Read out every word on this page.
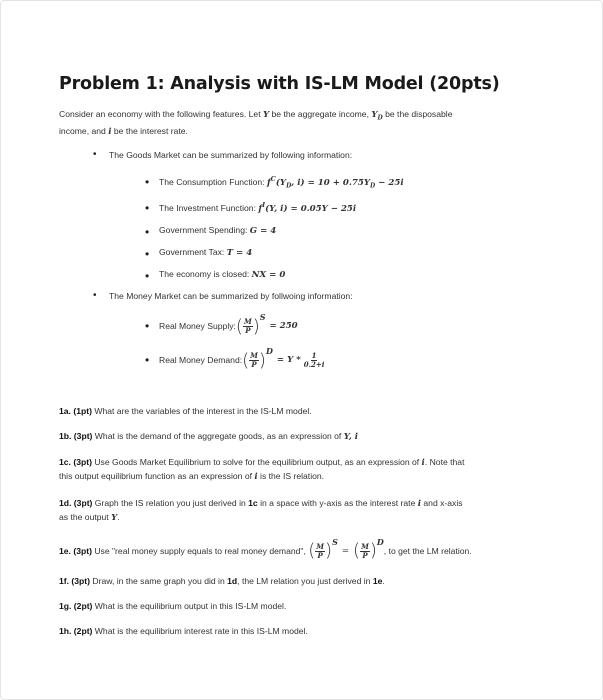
Problem 1: Analysis with IS-LM Model (20pts)
Consider an economy with the following features. Let Y be the aggregate income, $Y_D$ be the disposable
income, and i be the interest rate.
• The Goods Market can be summarized by following information:
• The Consumption Function: $f^C(Y_D$, $i) = 10 + 0.75Y_D - 25i$
• The Investment Function: $f^I(Y$, i) = 0.05Y − 25i
• Government Spending: G = 4
• Government Tax: T = 4
• The economy is closed: NX = 0
• The Money Market can be summarized by follwoing information:
• Real Money Supply: ( $\frac{M}{P}$ ) S
= 250
• Real Money Demand: ( $\frac{M}{P}$ ) D
= Y * $\frac{1}{0.2+i}$
1a. (1pt) What are the variables of the interest in the IS-LM model.
1b. (3pt) What is the demand of the aggregate goods, as an expression of Y, i
1c. (3pt) Use Goods Market Equilibrium to solve for the equilibrium output, as an expression of i. Note that
this output equilibrium function as an expression of i is the IS relation.
1d. (3pt) Graph the IS relation you just derived in 1c in a space with y-axis as the interest rate i and x-axis
as the output Y.
1e. (3pt) Use "real money supply equals to real money demand", ( $\frac{M}{P}$ ) S
= ( $\frac{M}{P}$ ) D
, to get the LM relation.
1f. (3pt) Draw, in the same graph you did in 1d, the LM relation you just derived in 1e.
1g. (2pt) What is the equilibrium output in this IS-LM model.
1h. (2pt) What is the equilibrium interest rate in this IS-LM model.
